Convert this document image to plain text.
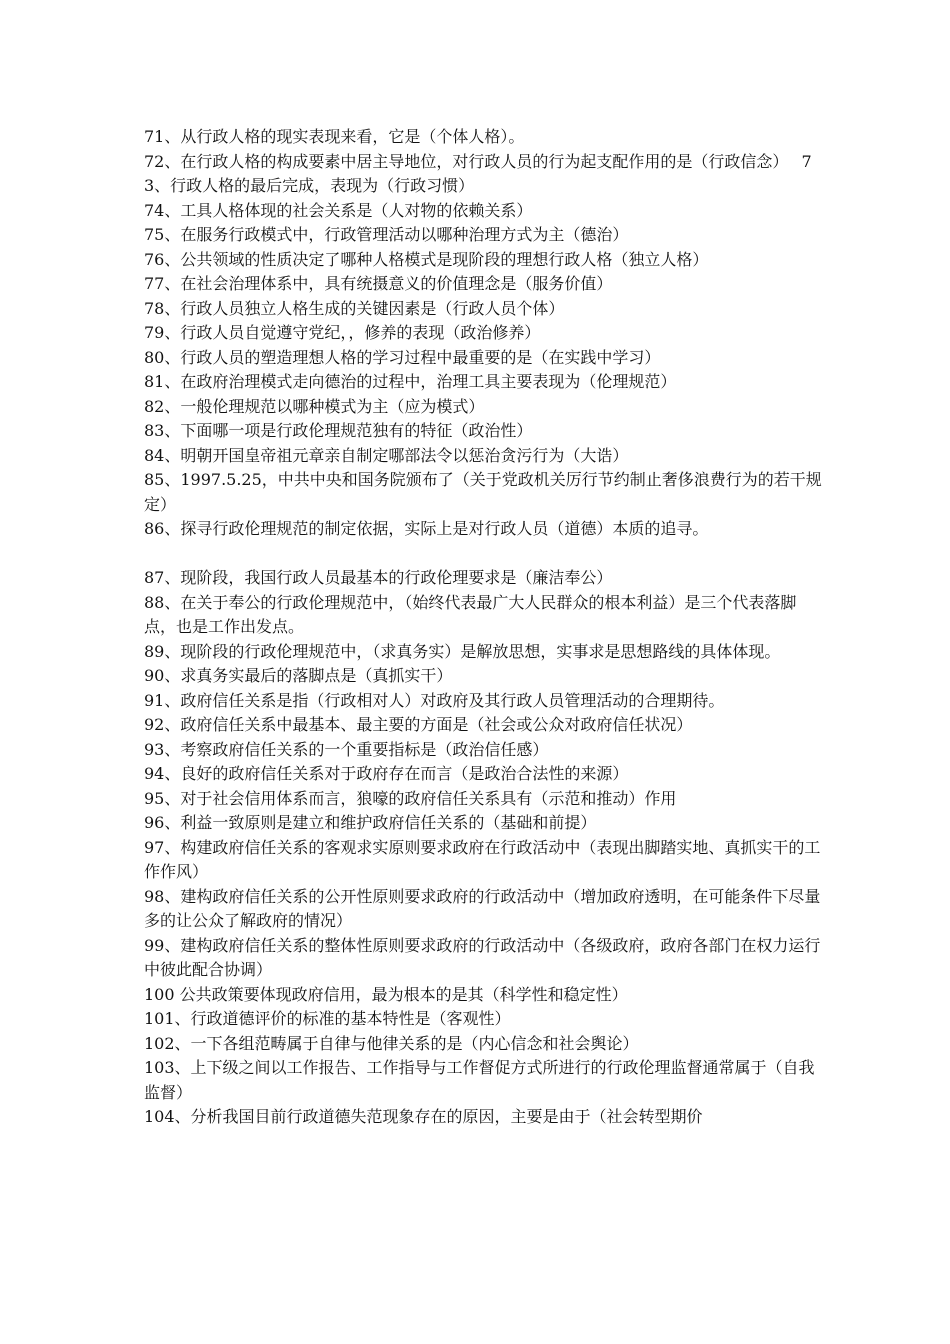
71、从行政人格的现实表现来看，它是（个体人格）。

72、在行政人格的构成要素中居主导地位，对行政人员的行为起支配作用的是（行政信念）　 73、行政人格的最后完成，表现为（行政习惯）

74、工具人格体现的社会关系是（人对物的依赖关系）

75、在服务行政模式中，行政管理活动以哪种治理方式为主（德治）

76、公共领域的性质决定了哪种人格模式是现阶段的理想行政人格（独立人格）

77、在社会治理体系中，具有统摄意义的价值理念是（服务价值）

78、行政人员独立人格生成的关键因素是（行政人员个体）

79、行政人员自觉遵守党纪，，修养的表现（政治修养）

80、行政人员的塑造理想人格的学习过程中最重要的是（在实践中学习）

81、在政府治理模式走向德治的过程中，治理工具主要表现为（伦理规范）

82、一般伦理规范以哪种模式为主（应为模式）

83、下面哪一项是行政伦理规范独有的特征（政治性）

84、明朝开国皇帝祖元章亲自制定哪部法令以惩治贪污行为（大诰）

85、1997.5.25，中共中央和国务院颁布了（关于党政机关厉行节约制止奢侈浪费行为的若干规定）

86、探寻行政伦理规范的制定依据，实际上是对行政人员（道德）本质的追寻。

87、现阶段，我国行政人员最基本的行政伦理要求是（廉洁奉公）

88、在关于奉公的行政伦理规范中，（始终代表最广大人民群众的根本利益）是三个代表落脚点，也是工作出发点。

89、现阶段的行政伦理规范中，（求真务实）是解放思想，实事求是思想路线的具体体现。

90、求真务实最后的落脚点是（真抓实干）

91、政府信任关系是指（行政相对人）对政府及其行政人员管理活动的合理期待。

92、政府信任关系中最基本、最主要的方面是（社会或公众对政府信任状况）

93、考察政府信任关系的一个重要指标是（政治信任感）

94、良好的政府信任关系对于政府存在而言（是政治合法性的来源）

95、对于社会信用体系而言，狼嚎的政府信任关系具有（示范和推动）作用

96、利益一致原则是建立和维护政府信任关系的（基础和前提）

97、构建政府信任关系的客观求实原则要求政府在行政活动中（表现出脚踏实地、真抓实干的工作作风）

98、建构政府信任关系的公开性原则要求政府的行政活动中（增加政府透明，在可能条件下尽量多的让公众了解政府的情况）

99、建构政府信任关系的整体性原则要求政府的行政活动中（各级政府，政府各部门在权力运行中彼此配合协调）

100 公共政策要体现政府信用，最为根本的是其（科学性和稳定性）

101、行政道德评价的标准的基本特性是（客观性）

102、一下各组范畴属于自律与他律关系的是（内心信念和社会舆论）

103、上下级之间以工作报告、工作指导与工作督促方式所进行的行政伦理监督通常属于（自我监督）

104、分析我国目前行政道德失范现象存在的原因，主要是由于（社会转型期价
